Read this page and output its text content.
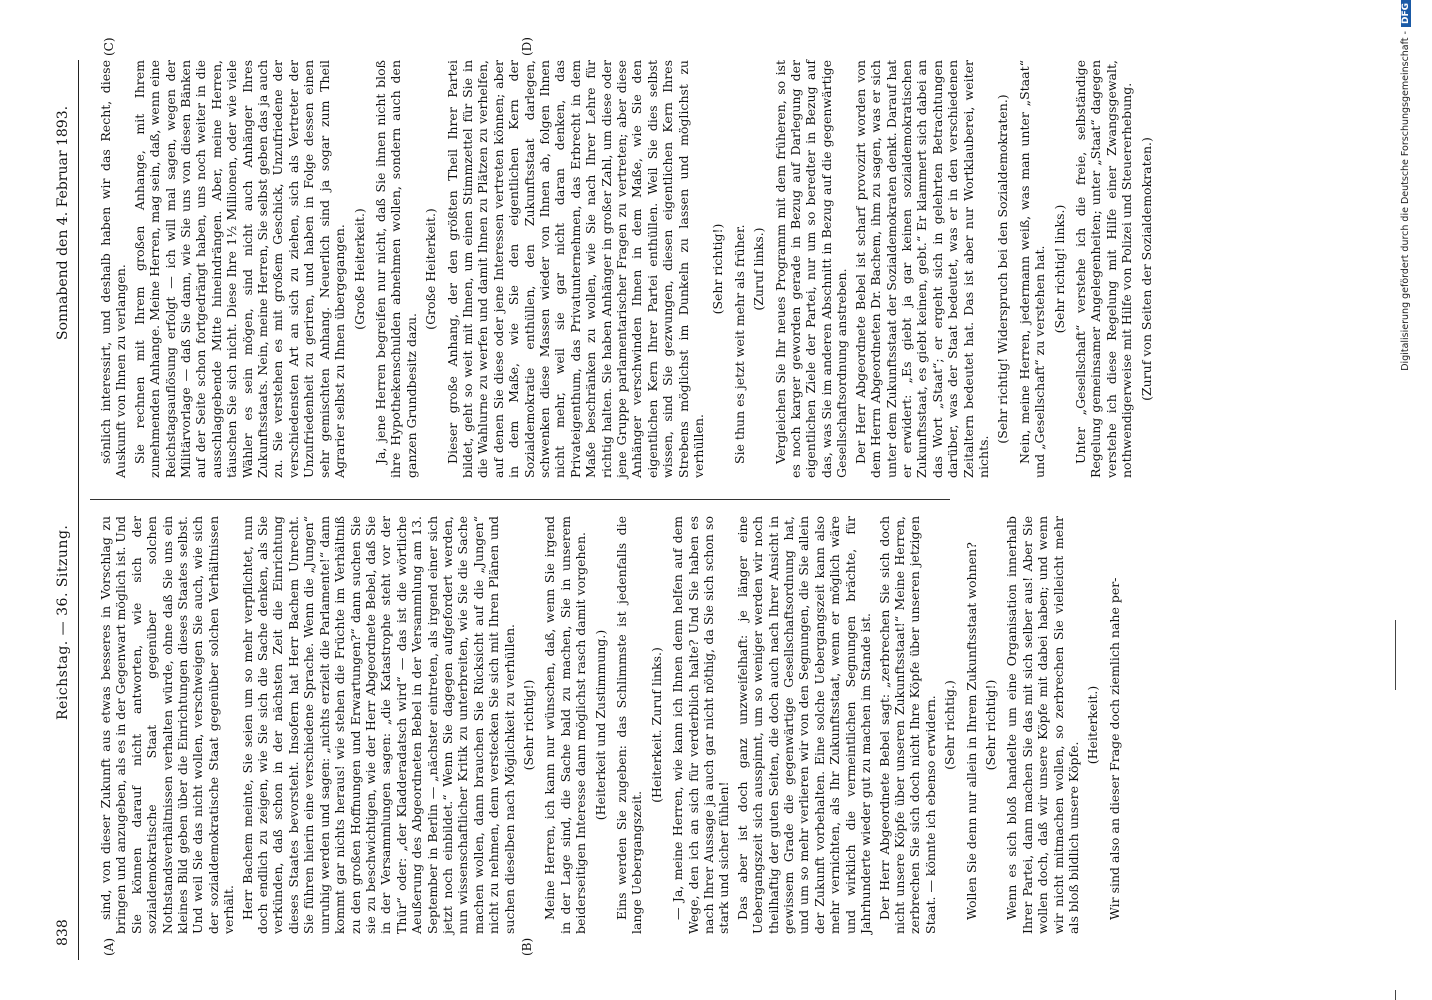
838
Reichstag. — 36. Sitzung.
Sonnabend den 4. Februar 1893.
(A)	(B)
(C)	(D)

sind, von dieser Zukunft aus etwas besseres in Vorschlag zu bringen und anzugeben, als es in der Gegenwart möglich ist. Und Sie können darauf nicht antworten, wie sich der sozialdemokratische Staat gegenüber solchen Nothstandsverhältnissen verhalten würde, ohne daß Sie uns ein kleines Bild geben über die Einrichtungen dieses Staates selbst. Und weil Sie das nicht wollen, verschweigen Sie auch, wie sich der sozialdemokratische Staat gegenüber solchen Verhältnissen verhält. Herr Bachem meinte, Sie seien um so mehr verpflichtet, nun doch endlich zu zeigen, wie Sie sich die Sache denken, als Sie verkünden, daß schon in der nächsten Zeit die Einrichtung dieses Staates bevorsteht. Insofern hat Herr Bachem Unrecht. Sie führen hierin eine verschiedene Sprache. Wenn die „Jungen“ unruhig werden und sagen: „nichts erzielt die Parlamente!“ dann kommt gar nichts heraus! wie stehen die Früchte im Verhältniß zu den großen Hoffnungen und Erwartungen?“ dann suchen Sie sie zu beschwichtigen, wie der Herr Abgeordnete Bebel, daß Sie in der Versammlungen sagen: „die Katastrophe steht vor der Thür“ oder: „der Kladderadatsch wird“ — das ist die wörtliche Aeußerung des Abgeordneten Bebel in der Versammlung am 13. September in Berlin — „nächster eintreten, als irgend einer sich jetzt noch einbildet.“ Wenn Sie dagegen aufgefordert werden, nun wissenschaftlicher Kritik zu unterbreiten, wie Sie die Sache machen wollen, dann brauchen Sie Rücksicht auf die „Jungen“ nicht zu nehmen, denn verstecken Sie sich mit Ihren Plänen und suchen dieselben nach Möglichkeit zu verhüllen. (Sehr richtig!) Meine Herren, ich kann nur wünschen, daß, wenn Sie irgend in der Lage sind, die Sache bald zu machen, Sie in unserem beiderseitigen Interesse dann möglichst rasch damit vorgehen. (Heiterkeit und Zustimmung.) Eins werden Sie zugeben: das Schlimmste ist jedenfalls die lange Uebergangszeit.

(Heiterkeit. Zuruf links.) — Ja, meine Herren, wie kann ich Ihnen denn helfen auf dem Wege, den ich an sich für verderblich halte? Und Sie haben es nach Ihrer Aussage ja auch gar nicht nöthig, da Sie sich schon so stark und sicher fühlen! Das aber ist doch ganz unzweifelhaft: je länger eine Uebergangszeit sich ausspinnt, um so weniger werden wir noch theilhaftig der guten Seiten, die doch auch nach Ihrer Ansicht in gewissem Grade die gegenwärtige Gesellschaftsordnung hat, und um so mehr verlieren wir von den Segnungen, die Sie allein der Zukunft vorbehalten. Eine solche Uebergangszeit kann also mehr vernichten, als Ihr Zukunftsstaat, wenn er möglich wäre und wirklich die vermeintlichen Segnungen brächte, für Jahrhunderte wieder gut zu machen im Stande ist. Der Herr Abgeordnete Bebel sagt: „zerbrechen Sie sich doch nicht unsere Köpfe über unseren Zukunftsstaat!“ Meine Herren, zerbrechen Sie sich doch nicht Ihre Köpfe über unseren jetzigen Staat. — könnte ich ebenso erwidern. (Sehr richtig.) Wollen Sie denn nur allein in Ihrem Zukunftsstaat wohnen? (Sehr richtig!) Wenn es sich bloß handelte um eine Organisation innerhalb Ihrer Partei, dann machen Sie das mit sich selber aus! Aber Sie wollen doch, daß wir unsere Köpfe mit dabei haben; und wenn wir nicht mitmachen wollen, so zerbrechen Sie vielleicht mehr als bloß bildlich unsere Köpfe.

(Heiterkeit.) Wir sind also an dieser Frage doch ziemlich nahe per-

sönlich interessirt, und deshalb haben wir das Recht, diese Auskunft von Ihnen zu verlangen. Sie rechnen mit Ihrem großen Anhange, mit Ihrem zunehmenden Anhange. Meine Herren, mag sein, daß, wenn eine Reichstagsauflösung erfolgt — ich will mal sagen, wegen der Militärvorlage — daß Sie dann, wie Sie uns von diesen Bänken auf der Seite schon fortgedrängt haben, uns noch weiter in die ausschlaggebende Mitte hineindrängen. Aber, meine Herren, täuschen Sie sich nicht. Diese Ihre 1½ Millionen, oder wie viele Wähler es sein mögen, sind nicht auch Anhänger Ihres Zukunftsstaats. Nein, meine Herren, Sie selbst geben das ja auch zu. Sie verstehen es mit großem Geschick, Unzufriedene der verschiedensten Art an sich zu ziehen, sich als Vertreter der Unzufriedenheit zu geriren, und haben in Folge dessen einen sehr gemischten Anhang. Neuerlich sind ja sogar zum Theil Agrarier selbst zu Ihnen übergegangen. (Große Heiterkeit.) Ja, jene Herren begreifen nur nicht, daß Sie ihnen nicht bloß ihre Hypothekenschulden abnehmen wollen, sondern auch den ganzen Grundbesitz dazu.

(Große Heiterkeit.) Dieser große Anhang, der den größten Theil Ihrer Partei bildet, geht so weit mit Ihnen, um einen Stimmzettel für Sie in die Wahlurne zu werfen und damit Ihnen zu Plätzen zu verhelfen, auf denen Sie diese oder jene Interessen vertreten können; aber in dem Maße, wie Sie den eigentlichen Kern der Sozialdemokratie enthüllen, den Zukunftsstaat darlegen, schwenken diese Massen wieder von Ihnen ab, folgen Ihnen nicht mehr, weil sie gar nicht daran denken, das Privateigenthum, das Privatunternehmen, das Erbrecht in dem Maße beschränken zu wollen, wie Sie nach Ihrer Lehre für richtig halten. Sie haben Anhänger in großer Zahl, um diese oder jene Gruppe parlamentarischer Fragen zu vertreten; aber diese Anhänger verschwinden Ihnen in dem Maße, wie Sie den eigentlichen Kern Ihrer Partei enthüllen. Weil Sie dies selbst wissen, sind Sie gezwungen, diesen eigentlichen Kern Ihres Strebens möglichst im Dunkeln zu lassen und möglichst zu verhüllen.

(Sehr richtig!) Sie thun es jetzt weit mehr als früher. (Zuruf links.) Vergleichen Sie Ihr neues Programm mit dem früheren, so ist es noch karger geworden gerade in Bezug auf Darlegung der eigentlichen Ziele der Partei, nur um so beredter in Bezug auf das, was Sie im anderen Abschnitt in Bezug auf die gegenwärtige Gesellschaftsordnung anstreben. Der Herr Abgeordnete Bebel ist scharf provozirt worden von dem Herrn Abgeordneten Dr. Bachem, ihm zu sagen, was er sich unter dem Zukunftsstaat der Sozialdemokraten denkt. Darauf hat er erwidert: „Es giebt ja gar keinen sozialdemokratischen Zukunftsstaat, es giebt keinen, gebt.“ Er klammert sich dabei an das Wort „Staat“; er ergeht sich in gelehrten Betrachtungen darüber, was der Staat bedeutet, was er in den verschiedenen Zeitaltern bedeutet hat. Das ist aber nur Wortklauberei, weiter nichts.

(Sehr richtig! Widerspruch bei den Sozialdemokraten.) Nein, meine Herren, jedermann weiß, was man unter „Staat“ und „Gesellschaft“ zu verstehen hat. (Sehr richtig! links.) Unter „Gesellschaft“ verstehe ich die freie, selbständige Regelung gemeinsamer Angelegenheiten; unter „Staat“ dagegen verstehe ich diese Regelung mit Hilfe einer Zwangsgewalt, nothwendigerweise mit Hilfe von Polizei und Steuererhebung. (Zuruf von Seiten der Sozialdemokraten.)	Digitalisierung gefördert durch die Deutsche Forschungsgemeinschaft -DFG
